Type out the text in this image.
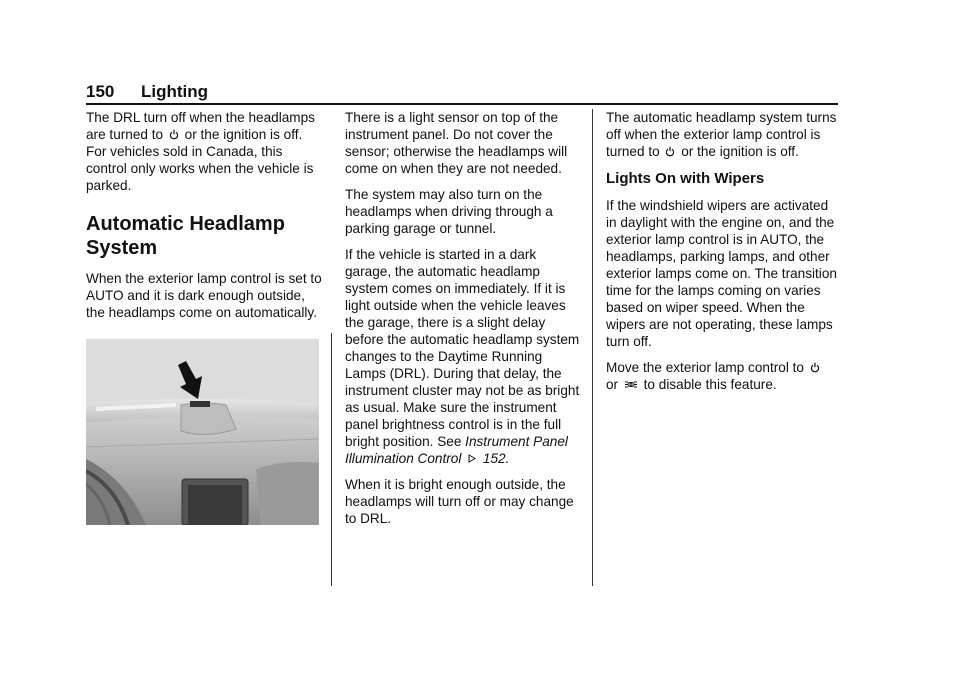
150 Lighting

The DRL turn off when the headlamps are turned to or the ignition is off. For vehicles sold in Canada, this control only works when the vehicle is parked.

Automatic Headlamp System

When the exterior lamp control is set to AUTO and it is dark enough outside, the headlamps come on automatically.

There is a light sensor on top of the instrument panel. Do not cover the sensor; otherwise the headlamps will come on when they are not needed.

The system may also turn on the headlamps when driving through a parking garage or tunnel.

If the vehicle is started in a dark garage, the automatic headlamp system comes on immediately. If it is light outside when the vehicle leaves the garage, there is a slight delay before the automatic headlamp system changes to the Daytime Running Lamps (DRL). During that delay, the instrument cluster may not be as bright as usual. Make sure the instrument panel brightness control is in the full bright position. See Instrument Panel Illumination Control 152.

When it is bright enough outside, the headlamps will turn off or may change to DRL.

The automatic headlamp system turns off when the exterior lamp control is turned to or the ignition is off.

Lights On with Wipers

If the windshield wipers are activated in daylight with the engine on, and the exterior lamp control is in AUTO, the headlamps, parking lamps, and other exterior lamps come on. The transition time for the lamps coming on varies based on wiper speed. When the wipers are not operating, these lamps turn off.

Move the exterior lamp control to
or to disable this feature.
